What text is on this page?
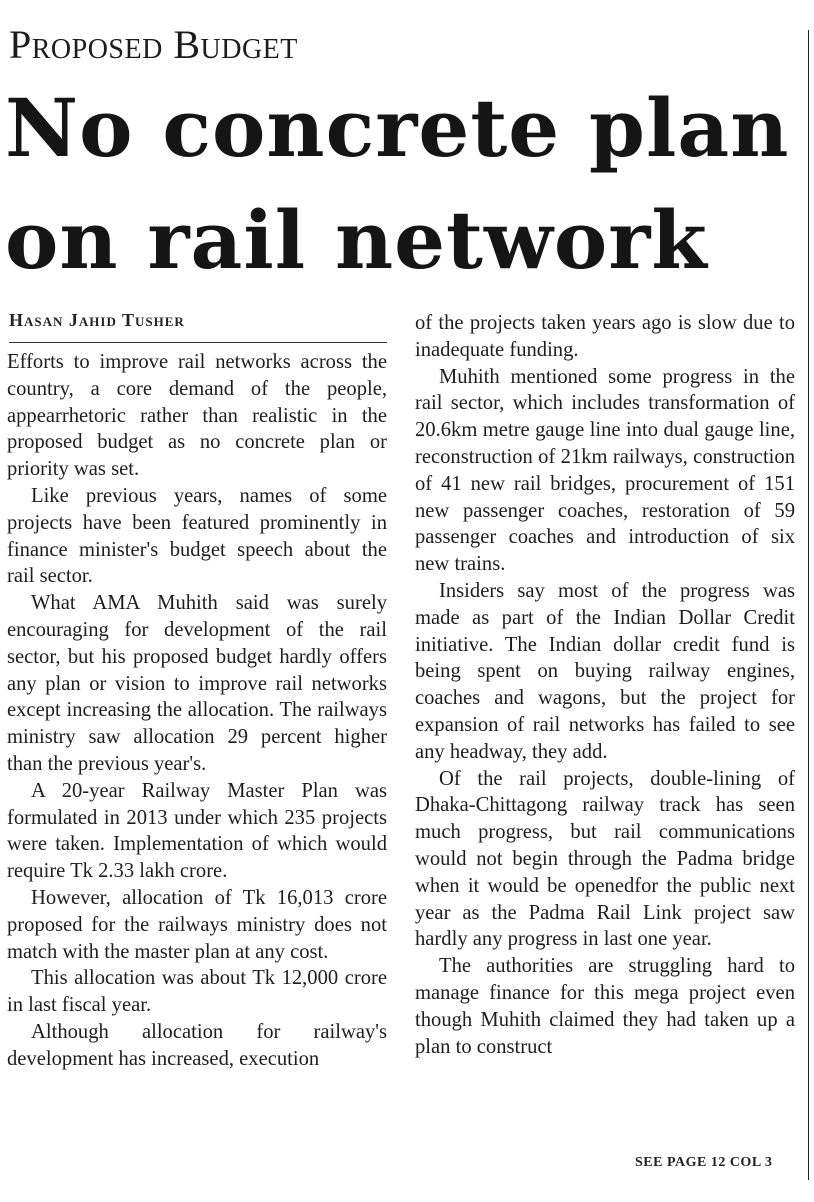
Proposed Budget
No concrete plan on rail network
Hasan Jahid Tusher

Efforts to improve rail networks across the country, a core demand of the people, appearrhetoric rather than realistic in the proposed budget as no concrete plan or priority was set.

Like previous years, names of some projects have been featured prominently in finance minister's budget speech about the rail sector.

What AMA Muhith said was surely encouraging for development of the rail sector, but his proposed budget hardly offers any plan or vision to improve rail networks except increasing the allocation. The railways ministry saw allocation 29 percent higher than the previous year's.

A 20-year Railway Master Plan was formulated in 2013 under which 235 projects were taken. Implementation of which would require Tk 2.33 lakh crore.

However, allocation of Tk 16,013 crore proposed for the railways ministry does not match with the master plan at any cost.

This allocation was about Tk 12,000 crore in last fiscal year.

Although allocation for railway's development has increased, execution

of the projects taken years ago is slow due to inadequate funding.

Muhith mentioned some progress in the rail sector, which includes transformation of 20.6km metre gauge line into dual gauge line, reconstruction of 21km railways, construction of 41 new rail bridges, procurement of 151 new passenger coaches, restoration of 59 passenger coaches and introduction of six new trains.

Insiders say most of the progress was made as part of the Indian Dollar Credit initiative. The Indian dollar credit fund is being spent on buying railway engines, coaches and wagons, but the project for expansion of rail networks has failed to see any headway, they add.

Of the rail projects, double-lining of Dhaka-Chittagong railway track has seen much progress, but rail communications would not begin through the Padma bridge when it would be openedfor the public next year as the Padma Rail Link project saw hardly any progress in last one year.

The authorities are struggling hard to manage finance for this mega project even though Muhith claimed they had taken up a plan to construct

SEE PAGE 12 COL 3
